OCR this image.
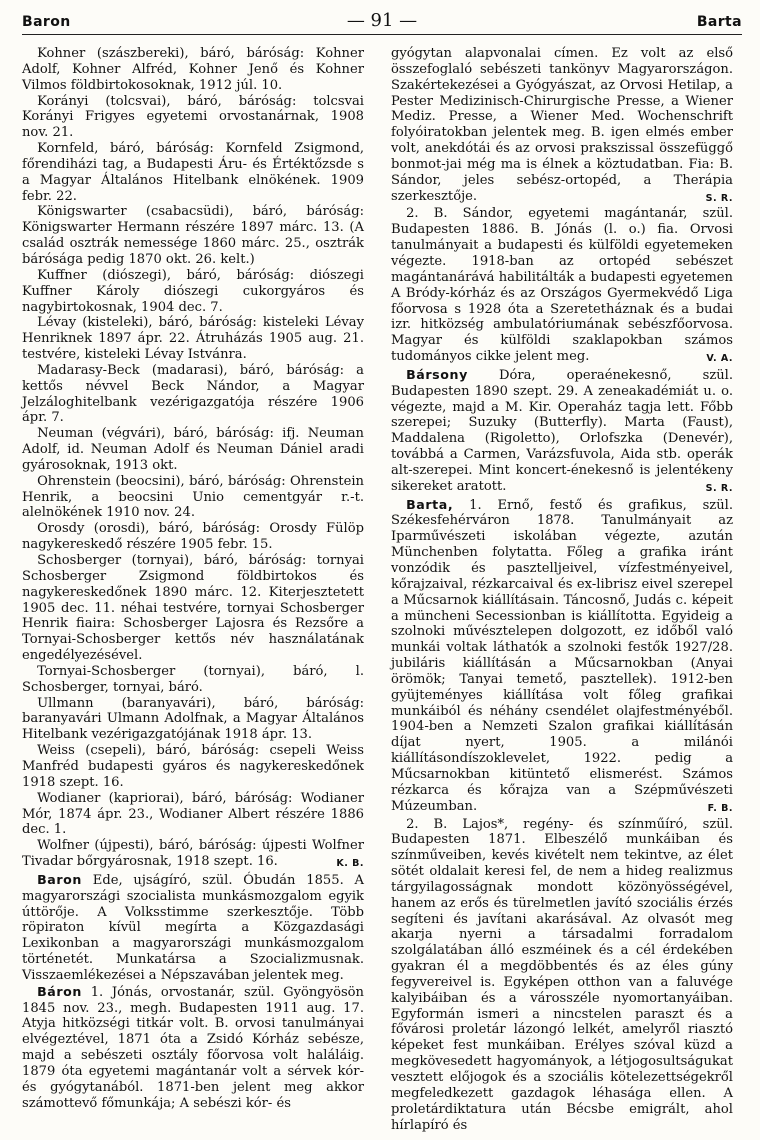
Baron	— 91 —	Barta

Kohner (szászbereki), báró, báróság: Kohner Adolf, Kohner Alfréd, Kohner Jenő és Kohner Vilmos földbirtokosoknak, 1912 júl. 10.

Korányi (tolcsvai), báró, báróság: tolcsvai Korányi Frigyes egyetemi orvostanárnak, 1908 nov. 21.

Kornfeld, báró, báróság: Kornfeld Zsigmond, főrendiházi tag, a Budapesti Áru- és Értéktőzsde s a Magyar Általános Hitelbank elnökének. 1909 febr. 22.

Königswarter (csabacsüdi), báró, báróság: Königswarter Hermann részére 1897 márc. 13. (A család osztrák nemessége 1860 márc. 25., osztrák bárósága pedig 1870 okt. 26. kelt.)

Kuffner (diószegi), báró, báróság: diószegi Kuffner Károly diószegi cukorgyáros és nagybirtokosnak, 1904 dec. 7.

Lévay (kisteleki), báró, báróság: kisteleki Lévay Henriknek 1897 ápr. 22. Átruházás 1905 aug. 21. testvére, kisteleki Lévay Istvánra.

Madarasy-Beck (madarasi), báró, báróság: a kettős névvel Beck Nándor, a Magyar Jelzáloghitelbank vezérigazgatója részére 1906 ápr. 7.

Neuman (végvári), báró, báróság: ifj. Neuman Adolf, id. Neuman Adolf és Neuman Dániel aradi gyárosoknak, 1913 okt.

Ohrenstein (beocsini), báró, báróság: Ohrenstein Henrik, a beocsini Unio cementgyár r.-t. alelnökének 1910 nov. 24.

Orosdy (orosdi), báró, báróság: Orosdy Fülöp nagykereskedő részére 1905 febr. 15.

Schosberger (tornyai), báró, báróság: tornyai Schosberger Zsigmond földbirtokos és nagykereskedőnek 1890 márc. 12. Kiterjesztetett 1905 dec. 11. néhai testvére, tornyai Schosberger Henrik fiaira: Schosberger Lajosra és Rezsőre a Tornyai-Schosberger kettős név használatának engedélyezésével.

Tornyai-Schosberger (tornyai), báró, l. Schosberger, tornyai, báró.

Ullmann (baranyavári), báró, báróság: baranyavári Ulmann Adolfnak, a Magyar Általános Hitelbank vezérigazgatójának 1918 ápr. 13.

Weiss (csepeli), báró, báróság: csepeli Weiss Manfréd budapesti gyáros és nagykereskedőnek 1918 szept. 16.

Wodianer (kapriorai), báró, báróság: Wodianer Mór, 1874 ápr. 23., Wodianer Albert részére 1886 dec. 1.

Wolfner (újpesti), báró, báróság: újpesti Wolfner Tivadar bőrgyárosnak, 1918 szept. 16.	K. B.

Baron Ede, ujságíró, szül. Óbudán 1855. A magyarországi szocialista munkásmozgalom egyik úttörője. A Volksstimme szerkesztője. Több röpiraton kívül megírta a Közgazdasági Lexikonban a magyarországi munkásmozgalom történetét. Munkatársa a Szocializmusnak. Visszaemlékezései a Népszavában jelentek meg.

Báron 1. Jónás, orvostanár, szül. Gyöngyösön 1845 nov. 23., megh. Budapesten 1911 aug. 17. Atyja hitközségi titkár volt. B. orvosi tanulmányai elvégeztével, 1871 óta a Zsidó Kórház sebésze, majd a sebészeti osztály főorvosa volt haláláig. 1879 óta egyetemi magántanár volt a sérvek kór- és gyógytanából. 1871-ben jelent meg akkor számottevő főmunkája; A sebészi kór- és

gyógytan alapvonalai címen. Ez volt az első összefoglaló sebészeti tankönyv Magyarországon. Szakértekezései a Gyógyászat, az Orvosi Hetilap, a Pester Medizinisch-Chirurgische Presse, a Wiener Mediz. Presse, a Wiener Med. Wochenschrift folyóiratokban jelentek meg. B. igen elmés ember volt, anekdótái és az orvosi prakszissal összefüggő bonmot-jai még ma is élnek a köztudatban. Fia: B. Sándor, jeles sebész-ortopéd, a Therápia szerkesztője.	S. R.

2. B. Sándor, egyetemi magántanár, szül. Budapesten 1886. B. Jónás (l. o.) fia. Orvosi tanulmányait a budapesti és külföldi egyetemeken végezte. 1918-ban az ortopéd sebészet magántanárává habilitálták a budapesti egyetemen A Bródy-kórház és az Országos Gyermekvédő Liga főorvosa s 1928 óta a Szeretetháznak és a budai izr. hitközség ambulatóriumának sebészfőorvosa. Magyar és külföldi szaklapokban számos tudományos cikke jelent meg.	V. A.

Bársony Dóra, operaénekesnő, szül. Budapesten 1890 szept. 29. A zeneakadémiát u. o. végezte, majd a M. Kir. Operaház tagja lett. Főbb szerepei; Suzuky (Butterfly). Marta (Faust), Maddalena (Rigoletto), Orlofszka (Denevér), továbbá a Carmen, Varázsfuvola, Aida stb. operák alt-szerepei. Mint koncert-énekesnő is jelentékeny sikereket aratott.	S. R.

Barta, 1. Ernő, festő és grafikus, szül. Székesfehérváron 1878. Tanulmányait az Iparművészeti iskolában végezte, azután Münchenben folytatta. Főleg a grafika iránt vonzódik és pasztelljeivel, vízfestményeivel, kőrajzaival, rézkarcaival és ex-librisz eivel szerepel a Műcsarnok kiállításain. Táncosnő, Judás c. képeit a müncheni Secessionban is kiállította. Egyideig a szolnoki művésztelepen dolgozott, ez időből való munkái voltak láthatók a szolnoki festők 1927/28. jubiláris kiállításán a Műcsarnokban (Anyai örömök; Tanyai temető, pasztellek). 1912-ben gyüjteményes kiállítása volt főleg grafikai munkáiból és néhány csendélet olajfestményéből. 1904-ben a Nemzeti Szalon grafikai kiállításán díjat nyert, 1905. a milánói kiállításondíszoklevelet, 1922. pedig a Műcsarnokban kitüntető elismerést. Számos rézkarca és kőrajza van a Szépművészeti Múzeumban.	F. B.

2. B. Lajos*, regény- és színműíró, szül. Budapesten 1871. Elbeszélő munkáiban és színműveiben, kevés kivételt nem tekintve, az élet sötét oldalait keresi fel, de nem a hideg realizmus tárgyilagosságnak mondott közönyösségével, hanem az erős és türelmetlen javító szociális érzés segíteni és javítani akarásával. Az olvasót meg akarja nyerni a társadalmi forradalom szolgálatában álló eszméinek és a cél érdekében gyakran él a megdöbbentés és az éles gúny fegyvereivel is. Egyképen otthon van a faluvége kalyibáiban és a városszéle nyomortanyáiban. Egyformán ismeri a nincstelen paraszt és a fővárosi proletár lázongó lelkét, amelyről riasztó képeket fest munkáiban. Erélyes szóval küzd a megkövesedett hagyományok, a létjogosultságukat vesztett előjogok és a szociális kötelezettségekről megfeledkezett gazdagok léhasága ellen. A proletárdiktatura után Bécsbe emigrált, ahol hírlapíró és
